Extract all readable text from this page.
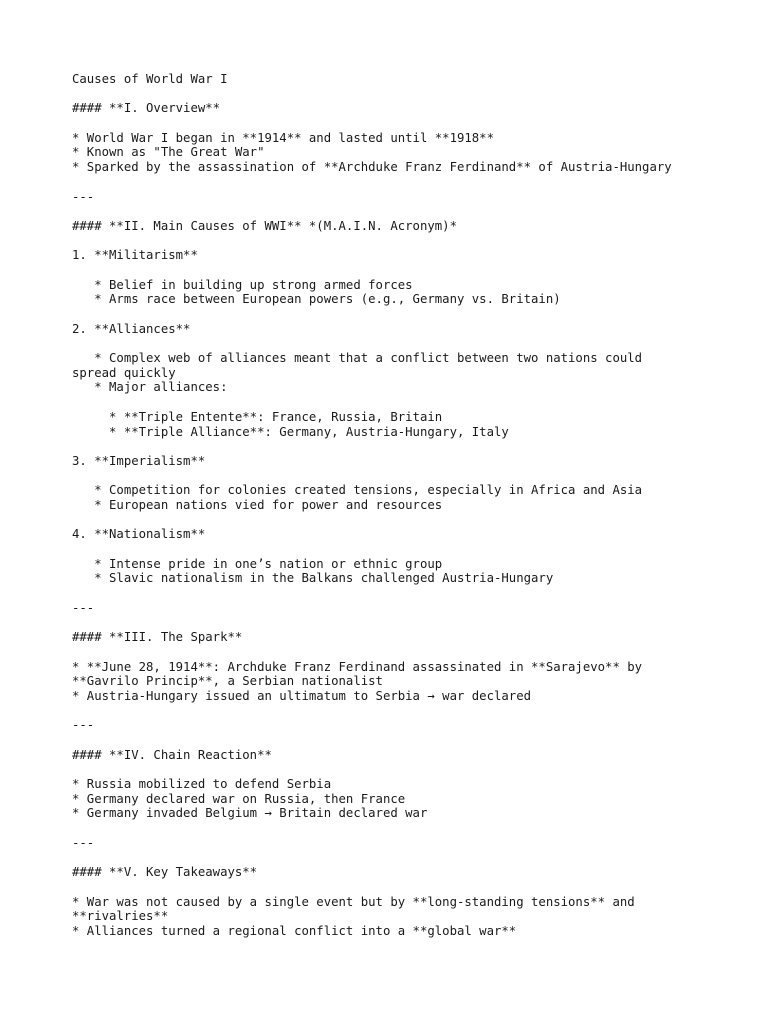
Causes of World War I
#### **I. Overview**
* World War I began in **1914** and lasted until **1918**
* Known as "The Great War"
* Sparked by the assassination of **Archduke Franz Ferdinand** of Austria-Hungary
---
#### **II. Main Causes of WWI** *(M.A.I.N. Acronym)*
1. **Militarism**
* Belief in building up strong armed forces
* Arms race between European powers (e.g., Germany vs. Britain)
2. **Alliances**
* Complex web of alliances meant that a conflict between two nations could
spread quickly
* Major alliances:
* **Triple Entente**: France, Russia, Britain
* **Triple Alliance**: Germany, Austria-Hungary, Italy
3. **Imperialism**
* Competition for colonies created tensions, especially in Africa and Asia
* European nations vied for power and resources
4. **Nationalism**
* Intense pride in one’s nation or ethnic group
* Slavic nationalism in the Balkans challenged Austria-Hungary
---
#### **III. The Spark**
* **June 28, 1914**: Archduke Franz Ferdinand assassinated in **Sarajevo** by
**Gavrilo Princip**, a Serbian nationalist
* Austria-Hungary issued an ultimatum to Serbia → war declared
---
#### **IV. Chain Reaction**
* Russia mobilized to defend Serbia
* Germany declared war on Russia, then France
* Germany invaded Belgium → Britain declared war
---
#### **V. Key Takeaways**
* War was not caused by a single event but by **long-standing tensions** and
**rivalries**
* Alliances turned a regional conflict into a **global war**
